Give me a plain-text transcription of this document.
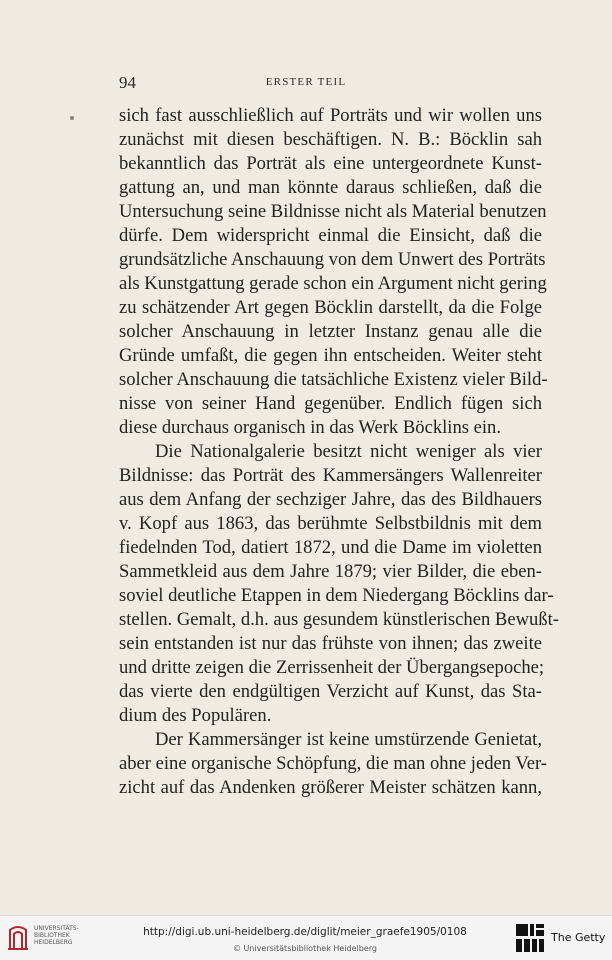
94	ERSTER TEIL
sich fast ausschließlich auf Porträts und wir wollen uns
zunächst mit diesen beschäftigen. N. B.: Böcklin sah
bekanntlich das Porträt als eine untergeordnete Kunst-
gattung an, und man könnte daraus schließen, daß die
Untersuchung seine Bildnisse nicht als Material benutzen
dürfe. Dem widerspricht einmal die Einsicht, daß die
grundsätzliche Anschauung von dem Unwert des Porträts
als Kunstgattung gerade schon ein Argument nicht gering
zu schätzender Art gegen Böcklin darstellt, da die Folge
solcher Anschauung in letzter Instanz genau alle die
Gründe umfaßt, die gegen ihn entscheiden. Weiter steht
solcher Anschauung die tatsächliche Existenz vieler Bild-
nisse von seiner Hand gegenüber. Endlich fügen sich
diese durchaus organisch in das Werk Böcklins ein.
Die Nationalgalerie besitzt nicht weniger als vier
Bildnisse: das Porträt des Kammersängers Wallenreiter
aus dem Anfang der sechziger Jahre, das des Bildhauers
v. Kopf aus 1863, das berühmte Selbstbildnis mit dem
fiedelnden Tod, datiert 1872, und die Dame im violetten
Sammetkleid aus dem Jahre 1879; vier Bilder, die eben-
soviel deutliche Etappen in dem Niedergang Böcklins dar-
stellen. Gemalt, d.h. aus gesundem künstlerischen Bewußt-
sein entstanden ist nur das frühste von ihnen; das zweite
und dritte zeigen die Zerrissenheit der Übergangsepoche;
das vierte den endgültigen Verzicht auf Kunst, das Sta-
dium des Populären.
Der Kammersänger ist keine umstürzende Genietat,
aber eine organische Schöpfung, die man ohne jeden Ver-
zicht auf das Andenken größerer Meister schätzen kann,
UNIVERSITÄTS-
BIBLIOTHEK
HEIDELBERG
http://digi.ub.uni-heidelberg.de/diglit/meier_graefe1905/0108
© Universitätsbibliothek Heidelberg
The Getty
